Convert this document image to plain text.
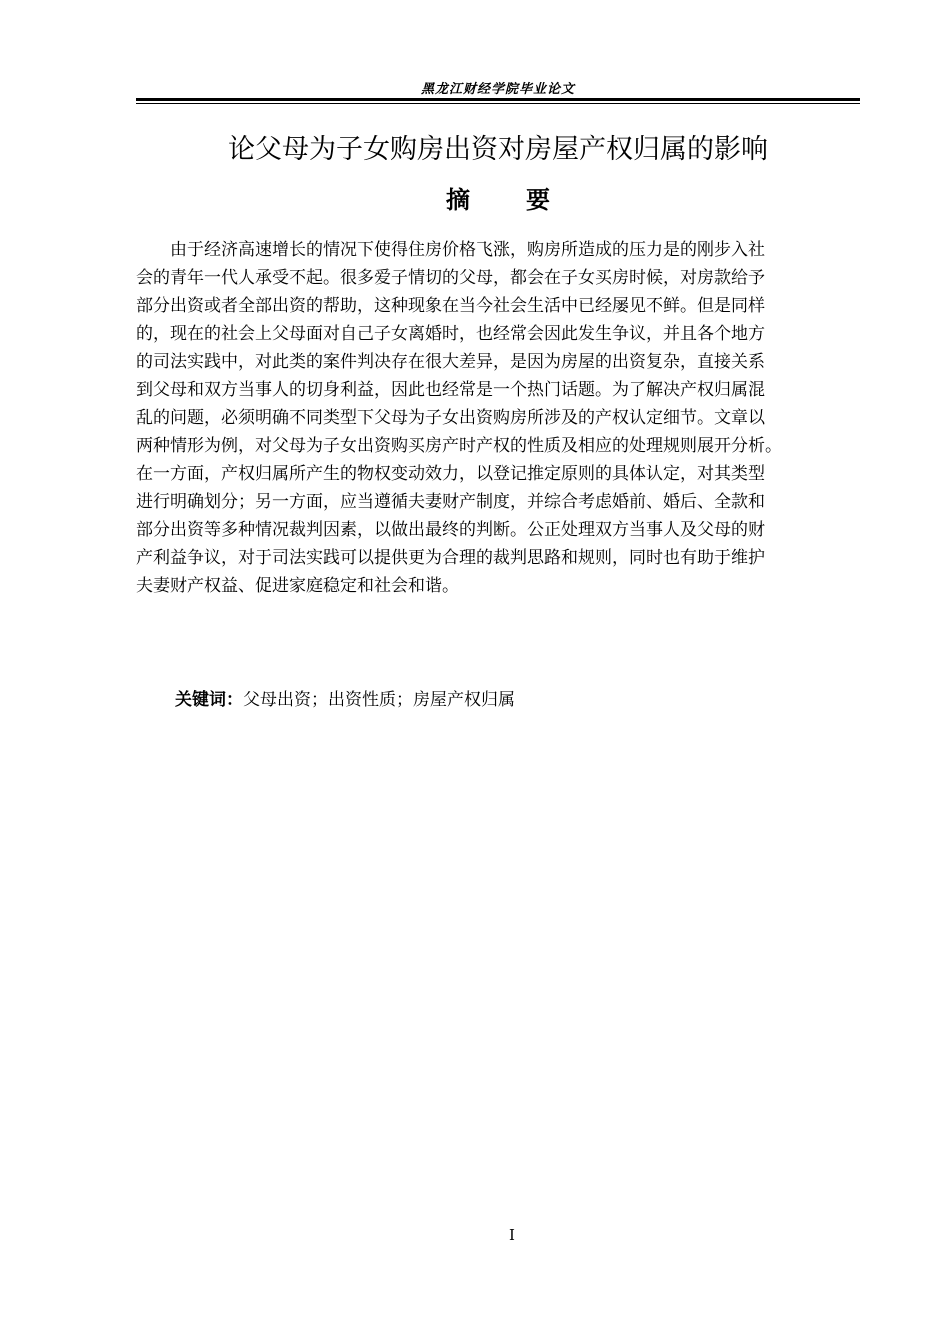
黑龙江财经学院毕业论文
论父母为子女购房出资对房屋产权归属的影响
摘 要
　　由于经济高速增长的情况下使得住房价格飞涨，购房所造成的压力是的刚步入社
会的青年一代人承受不起。很多爱子情切的父母，都会在子女买房时候，对房款给予
部分出资或者全部出资的帮助，这种现象在当今社会生活中已经屡见不鲜。但是同样
的，现在的社会上父母面对自己子女离婚时，也经常会因此发生争议，并且各个地方
的司法实践中，对此类的案件判决存在很大差异，是因为房屋的出资复杂，直接关系
到父母和双方当事人的切身利益，因此也经常是一个热门话题。为了解决产权归属混
乱的问题，必须明确不同类型下父母为子女出资购房所涉及的产权认定细节。文章以
两种情形为例，对父母为子女出资购买房产时产权的性质及相应的处理规则展开分析。
在一方面，产权归属所产生的物权变动效力，以登记推定原则的具体认定，对其类型
进行明确划分；另一方面，应当遵循夫妻财产制度，并综合考虑婚前、婚后、全款和
部分出资等多种情况裁判因素，以做出最终的判断。公正处理双方当事人及父母的财
产利益争议，对于司法实践可以提供更为合理的裁判思路和规则，同时也有助于维护
夫妻财产权益、促进家庭稳定和社会和谐。
关键词：父母出资；出资性质；房屋产权归属
I
